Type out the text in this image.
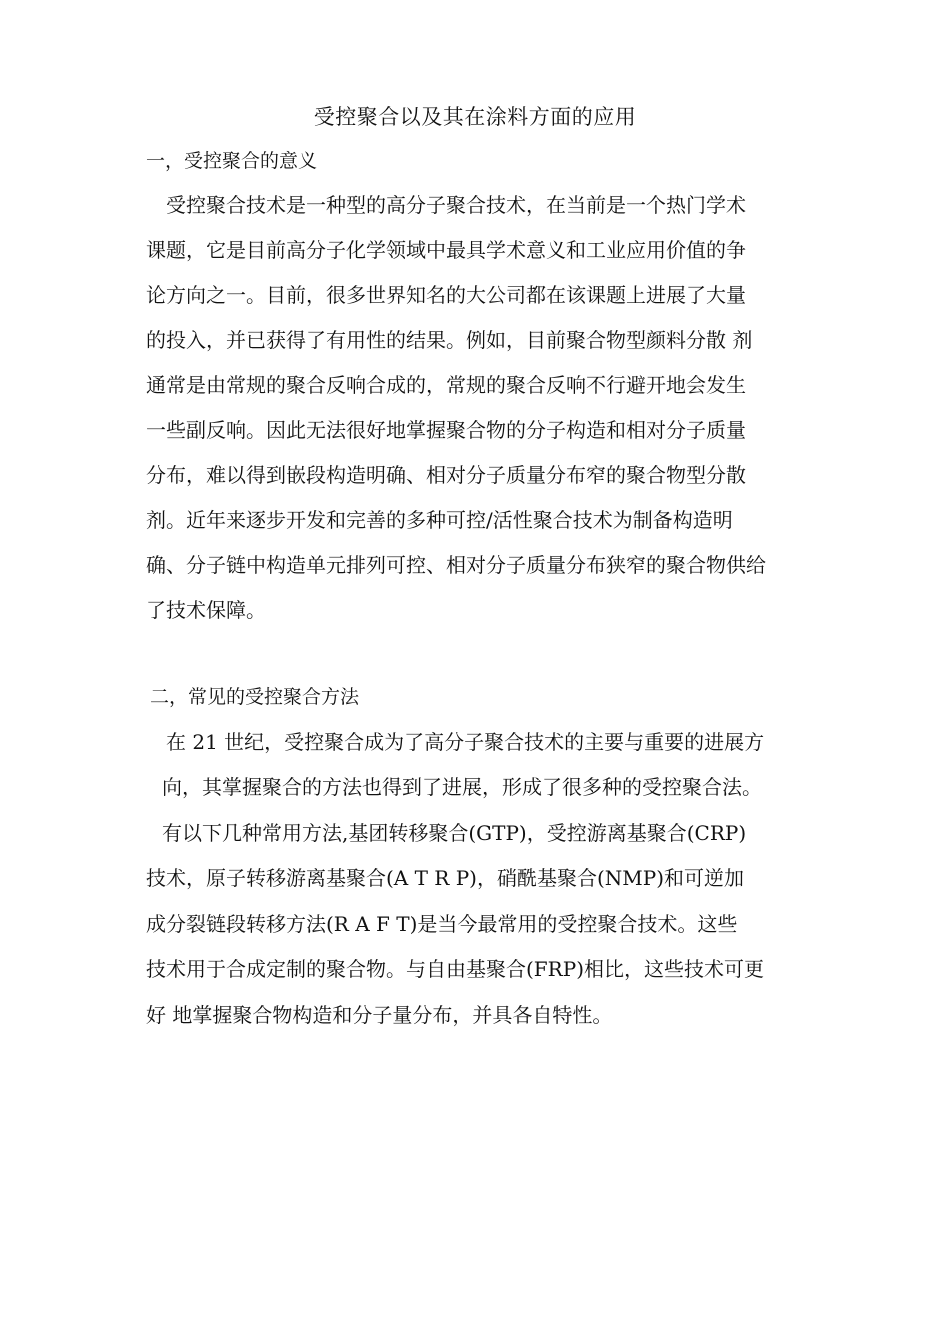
受控聚合以及其在涂料方面的应用
一，受控聚合的意义
受控聚合技术是一种型的高分子聚合技术，在当前是一个热门学术
课题，它是目前高分子化学领域中最具学术意义和工业应用价值的争
论方向之一。目前，很多世界知名的大公司都在该课题上进展了大量
的投入，并已获得了有用性的结果。例如，目前聚合物型颜料分散 剂
通常是由常规的聚合反响合成的，常规的聚合反响不行避开地会发生
一些副反响。因此无法很好地掌握聚合物的分子构造和相对分子质量
分布，难以得到嵌段构造明确、相对分子质量分布窄的聚合物型分散
剂。近年来逐步开发和完善的多种可控/活性聚合技术为制备构造明
确、分子链中构造单元排列可控、相对分子质量分布狭窄的聚合物供给
了技术保障。
二，常见的受控聚合方法
在 21 世纪，受控聚合成为了高分子聚合技术的主要与重要的进展方
向，其掌握聚合的方法也得到了进展，形成了很多种的受控聚合法。
有以下几种常用方法,基团转移聚合(GTP)，受控游离基聚合(CRP)
技术，原子转移游离基聚合(A T R P)，硝酰基聚合(NMP)和可逆加
成分裂链段转移方法(R A F T)是当今最常用的受控聚合技术。这些
技术用于合成定制的聚合物。与自由基聚合(FRP)相比，这些技术可更
好 地掌握聚合物构造和分子量分布，并具各自特性。
